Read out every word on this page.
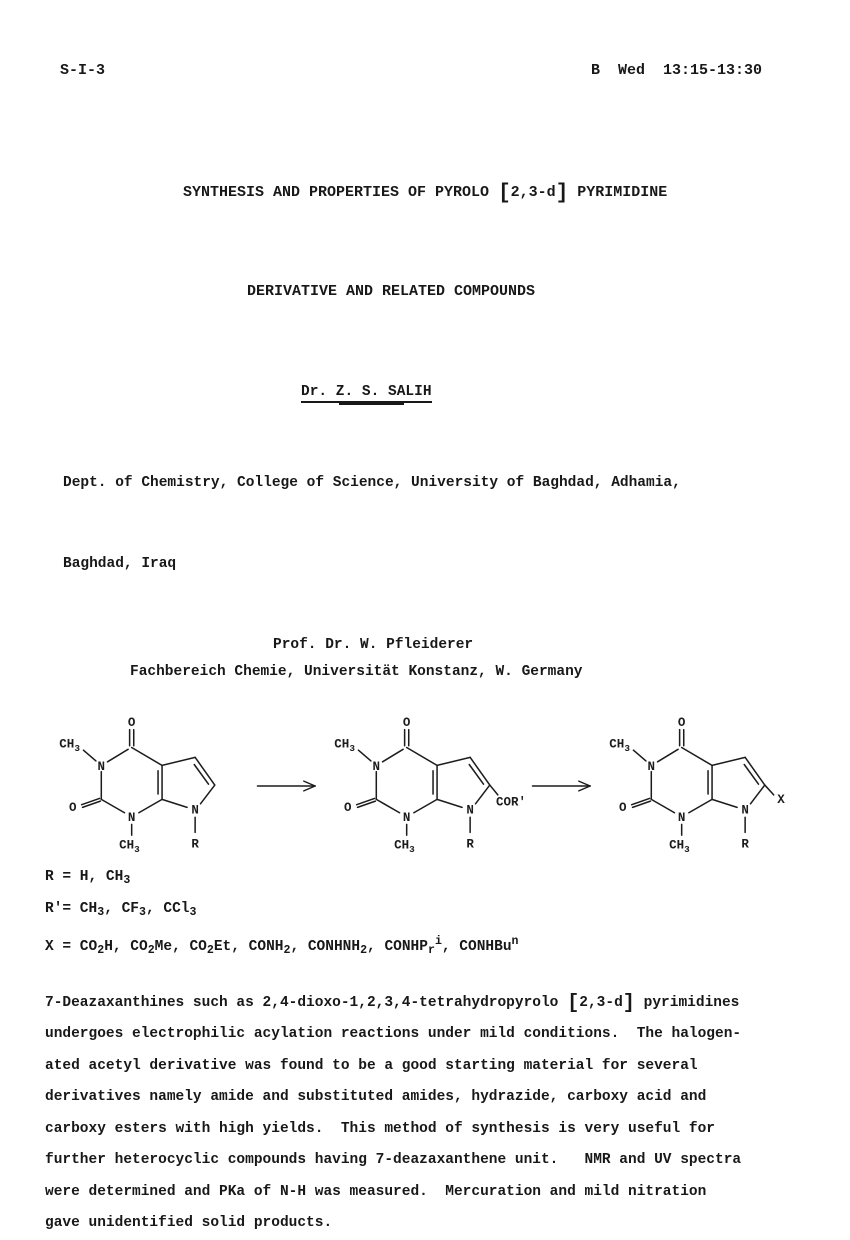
S-I-3	B  Wed  13:15-13:30

SYNTHESIS AND PROPERTIES OF PYROLO [2,3-d] PYRIMIDINE

DERIVATIVE AND RELATED COMPOUNDS

Dr. Z. S. SALIH

Dept. of Chemistry, College of Science, University of Baghdad, Adhamia,

Baghdad, Iraq

Prof. Dr. W. Pfleiderer
Fachbereich Chemie, Universität Konstanz, W. Germany
N
N
N
O
O
$CH_3$
$CH_3$	R
N
N
N
O
O
$CH_3$
$CH_3$	R
COR'
N
N
N
O
O
$CH_3$
$CH_3$	R
X
R = H, $CH_3$
$R'= CH_3$, $CF_3$, CCl$_3$
$X = CO_2H$, $CO_2Me$, $CO_2Et$, $CONH_2$, $CONHNH_2$, $CONHP_r^i$, CONHBu$^n$
7-Deazaxanthines such as 2,4-dioxo-1,2,3,4-tetrahydropyrolo [2,3-d] pyrimidines
undergoes electrophilic acylation reactions under mild conditions.  The halogen-
ated acetyl derivative was found to be a good starting material for several
derivatives namely amide and substituted amides, hydrazide, carboxy acid and
carboxy esters with high yields.  This method of synthesis is very useful for
further heterocyclic compounds having 7-deazaxanthene unit.   NMR and UV spectra
were determined and PKa of N-H was measured.  Mercuration and mild nitration
gave unidentified solid products.
